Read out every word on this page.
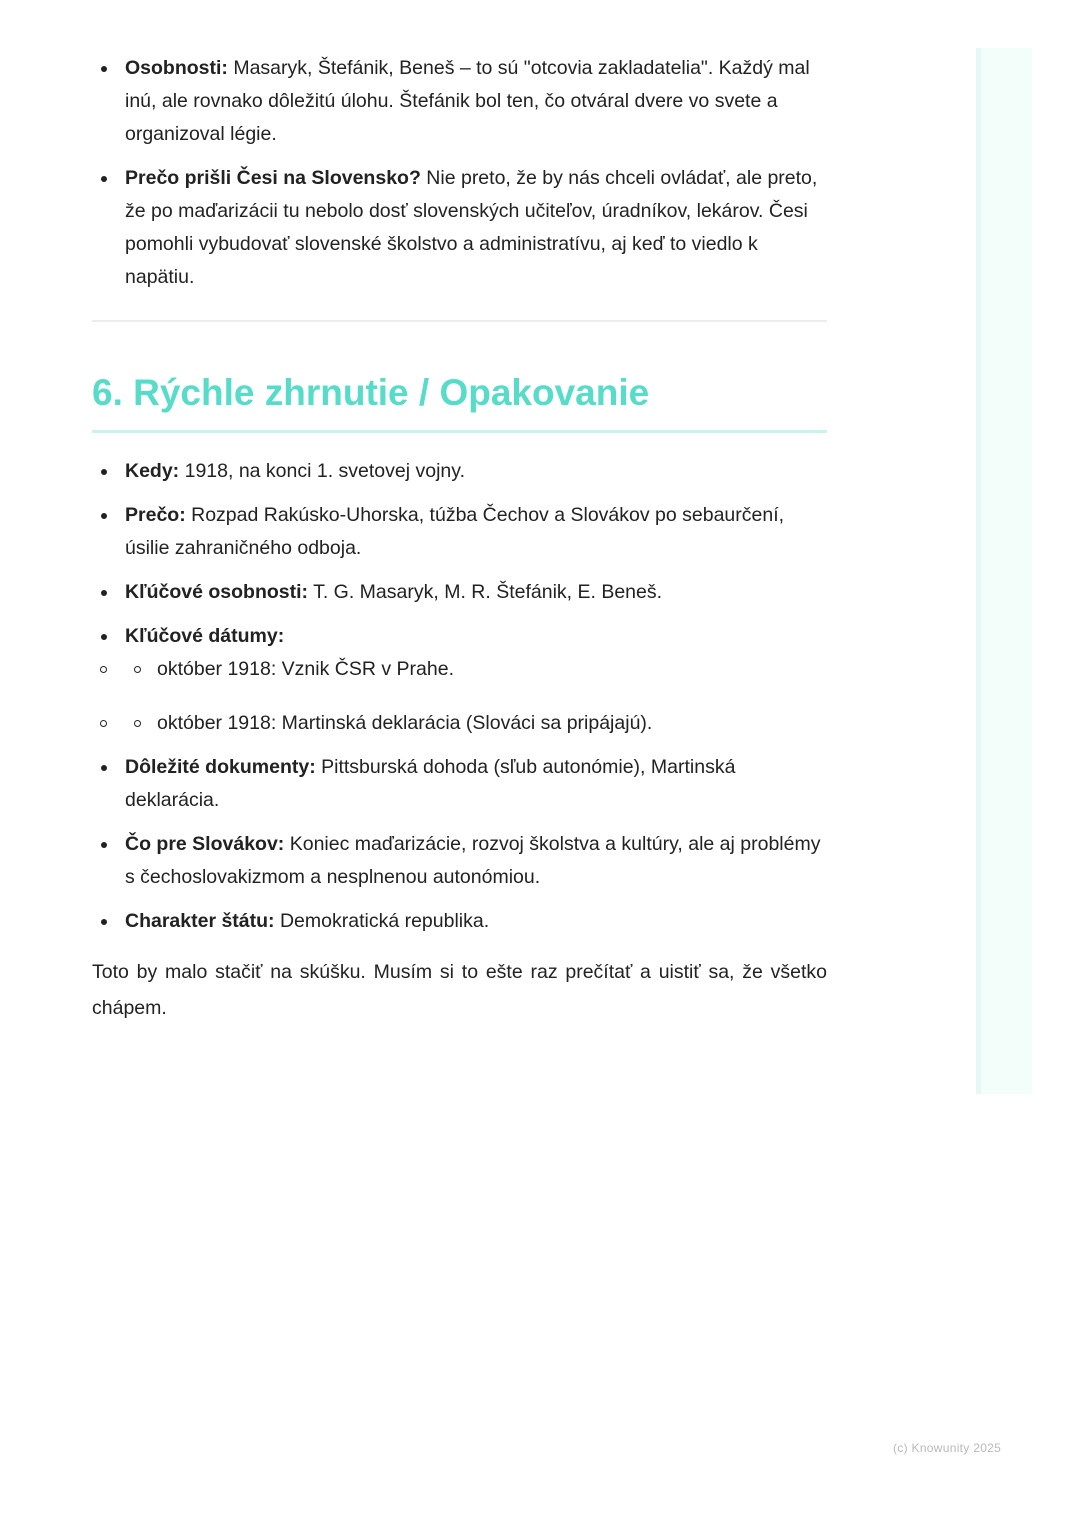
Osobnosti: Masaryk, Štefánik, Beneš – to sú "otcovia zakladatelia". Každý mal inú, ale rovnako dôležitú úlohu. Štefánik bol ten, čo otváral dvere vo svete a organizoval légie.
Prečo prišli Česi na Slovensko? Nie preto, že by nás chceli ovládať, ale preto, že po maďarizácii tu nebolo dosť slovenských učiteľov, úradníkov, lekárov. Česi pomohli vybudovať slovenské školstvo a administratívu, aj keď to viedlo k napätiu.
6. Rýchle zhrnutie / Opakovanie
Kedy: 1918, na konci 1. svetovej vojny.
Prečo: Rozpad Rakúsko-Uhorska, túžba Čechov a Slovákov po sebaurčení, úsilie zahraničného odboja.
Kľúčové osobnosti: T. G. Masaryk, M. R. Štefánik, E. Beneš.
Kľúčové dátumy:
október 1918: Vznik ČSR v Prahe.
október 1918: Martinská deklarácia (Slováci sa pripájajú).
Dôležité dokumenty: Pittsburská dohoda (sľub autonómie), Martinská deklarácia.
Čo pre Slovákov: Koniec maďarizácie, rozvoj školstva a kultúry, ale aj problémy s čechoslovakizmom a nesplnenou autonómiou.
Charakter štátu: Demokratická republika.

Toto by malo stačiť na skúšku. Musím si to ešte raz prečítať a uistiť sa, že všetko chápem.

(c) Knowunity 2025
